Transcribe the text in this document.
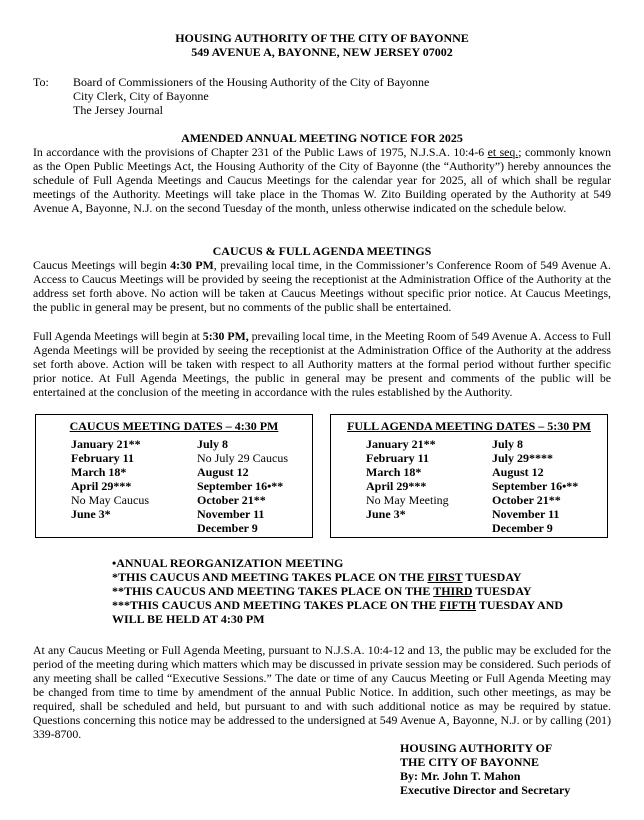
HOUSING AUTHORITY OF THE CITY OF BAYONNE
549 AVENUE A, BAYONNE, NEW JERSEY 07002
To: Board of Commissioners of the Housing Authority of the City of Bayonne
City Clerk, City of Bayonne
The Jersey Journal
AMENDED ANNUAL MEETING NOTICE FOR 2025
In accordance with the provisions of Chapter 231 of the Public Laws of 1975, N.J.S.A. 10:4-6 et seq.; commonly known as the Open Public Meetings Act, the Housing Authority of the City of Bayonne (the “Authority”) hereby announces the schedule of Full Agenda Meetings and Caucus Meetings for the calendar year for 2025, all of which shall be regular meetings of the Authority. Meetings will take place in the Thomas W. Zito Building operated by the Authority at 549 Avenue A, Bayonne, N.J. on the second Tuesday of the month, unless otherwise indicated on the schedule below.
CAUCUS & FULL AGENDA MEETINGS
Caucus Meetings will begin 4:30 PM, prevailing local time, in the Commissioner’s Conference Room of 549 Avenue A. Access to Caucus Meetings will be provided by seeing the receptionist at the Administration Office of the Authority at the address set forth above. No action will be taken at Caucus Meetings without specific prior notice. At Caucus Meetings, the public in general may be present, but no comments of the public shall be entertained.
Full Agenda Meetings will begin at 5:30 PM, prevailing local time, in the Meeting Room of 549 Avenue A. Access to Full Agenda Meetings will be provided by seeing the receptionist at the Administration Office of the Authority at the address set forth above. Action will be taken with respect to all Authority matters at the formal period without further specific prior notice. At Full Agenda Meetings, the public in general may be present and comments of the public will be entertained at the conclusion of the meeting in accordance with the rules established by the Authority.
CAUCUS MEETING DATES – 4:30 PM
January 21**
February 11
March 18*
April 29***
No May Caucus
June 3*
July 8
No July 29 Caucus
August 12
September 16•**
October 21**
November 11
December 9
FULL AGENDA MEETING DATES – 5:30 PM
January 21**
February 11
March 18*
April 29***
No May Meeting
June 3*
July 8
July 29****
August 12
September 16•**
October 21**
November 11
December 9
•ANNUAL REORGANIZATION MEETING
*THIS CAUCUS AND MEETING TAKES PLACE ON THE FIRST TUESDAY
**THIS CAUCUS AND MEETING TAKES PLACE ON THE THIRD TUESDAY
***THIS CAUCUS AND MEETING TAKES PLACE ON THE FIFTH TUESDAY AND
WILL BE HELD AT 4:30 PM
At any Caucus Meeting or Full Agenda Meeting, pursuant to N.J.S.A. 10:4-12 and 13, the public may be excluded for the period of the meeting during which matters which may be discussed in private session may be considered. Such periods of any meeting shall be called “Executive Sessions.” The date or time of any Caucus Meeting or Full Agenda Meeting may be changed from time to time by amendment of the annual Public Notice. In addition, such other meetings, as may be required, shall be scheduled and held, but pursuant to and with such additional notice as may be required by statue. Questions concerning this notice may be addressed to the undersigned at 549 Avenue A, Bayonne, N.J. or by calling (201) 339-8700.
HOUSING AUTHORITY OF
THE CITY OF BAYONNE
By: Mr. John T. Mahon
Executive Director and Secretary
